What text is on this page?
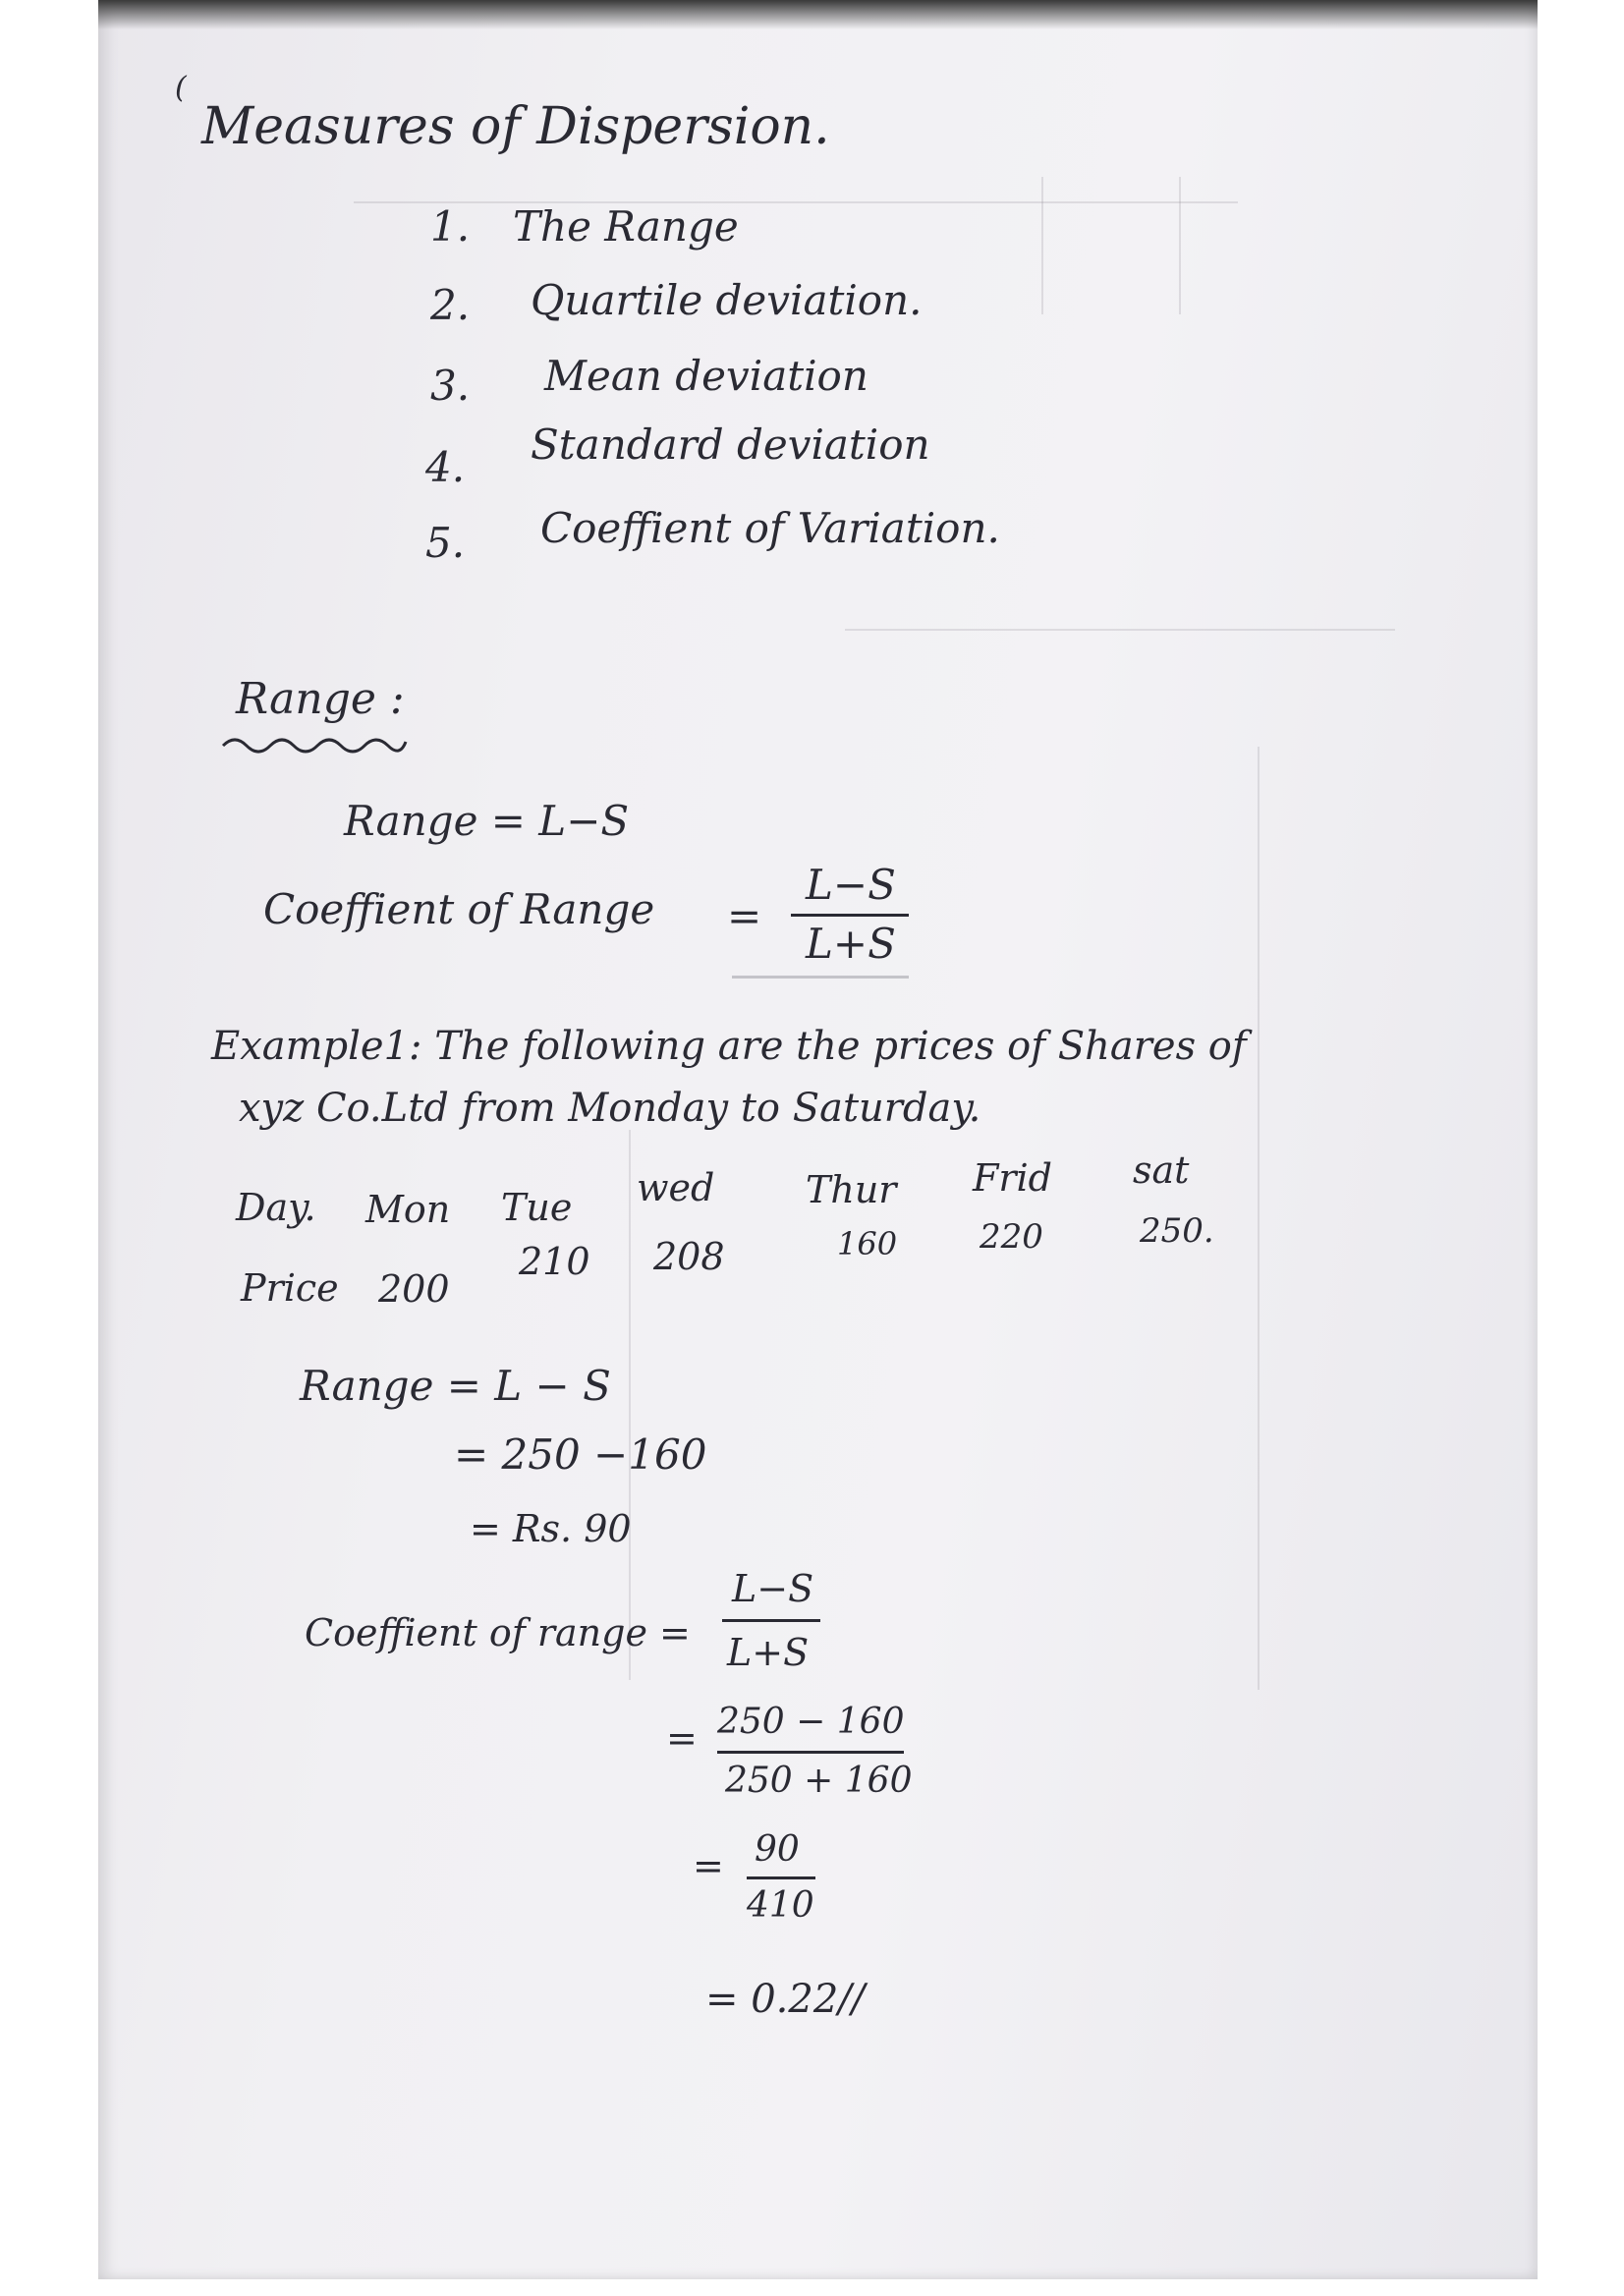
Measures of Dispersion.
(
1. The Range
2. Quartile deviation.
3. Mean deviation
4. Standard deviation
5. Coeffient of Variation.
Range :
Range = L−S
Coeffient of Range =
L−S
L+S
Example1: The following are the prices of Shares of
xyz Co.Ltd from Monday to Saturday.
Day.
Price
Mon Tue wed Thur Frid sat
200
210 208	160 220	250.
Range = L − S
= 250 −160
= Rs. 90
Coeffient of range =
L−S
L+S
= 250 − 160
250 + 160
= 90
410
= 0.22//
